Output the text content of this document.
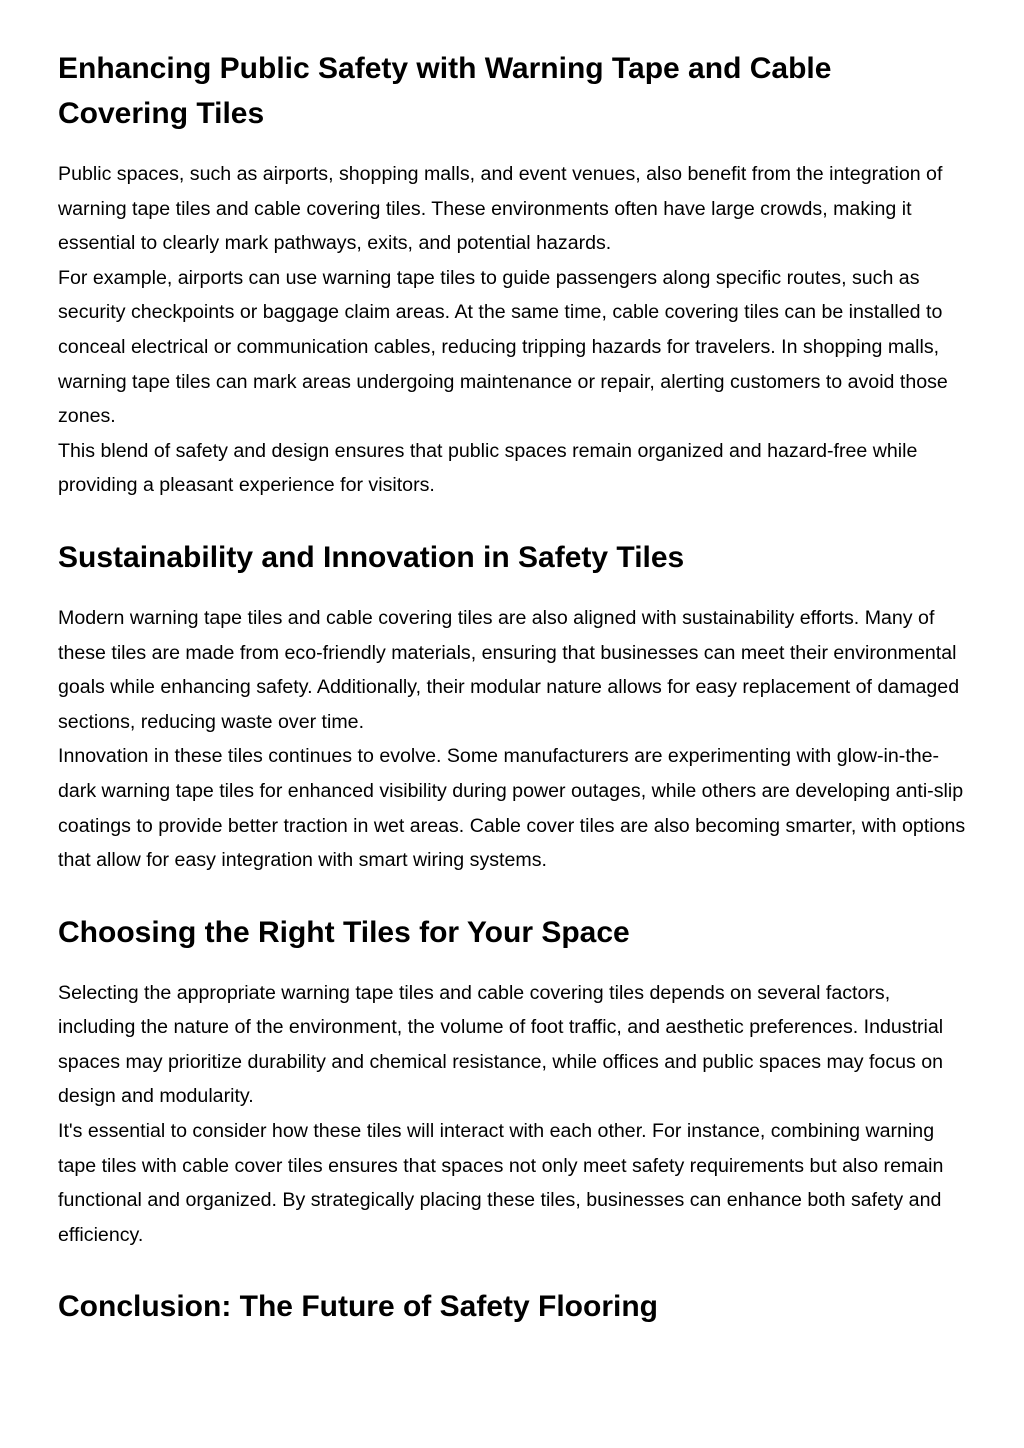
Enhancing Public Safety with Warning Tape and Cable Covering Tiles

Public spaces, such as airports, shopping malls, and event venues, also benefit from the integration of warning tape tiles and cable covering tiles. These environments often have large crowds, making it essential to clearly mark pathways, exits, and potential hazards.

For example, airports can use warning tape tiles to guide passengers along specific routes, such as security checkpoints or baggage claim areas. At the same time, cable covering tiles can be installed to conceal electrical or communication cables, reducing tripping hazards for travelers. In shopping malls, warning tape tiles can mark areas undergoing maintenance or repair, alerting customers to avoid those zones.

This blend of safety and design ensures that public spaces remain organized and hazard-free while providing a pleasant experience for visitors.

Sustainability and Innovation in Safety Tiles

Modern warning tape tiles and cable covering tiles are also aligned with sustainability efforts. Many of these tiles are made from eco-friendly materials, ensuring that businesses can meet their environmental goals while enhancing safety. Additionally, their modular nature allows for easy replacement of damaged sections, reducing waste over time.

Innovation in these tiles continues to evolve. Some manufacturers are experimenting with glow-in-the-dark warning tape tiles for enhanced visibility during power outages, while others are developing anti-slip coatings to provide better traction in wet areas. Cable cover tiles are also becoming smarter, with options that allow for easy integration with smart wiring systems.

Choosing the Right Tiles for Your Space

Selecting the appropriate warning tape tiles and cable covering tiles depends on several factors, including the nature of the environment, the volume of foot traffic, and aesthetic preferences. Industrial spaces may prioritize durability and chemical resistance, while offices and public spaces may focus on design and modularity.

It's essential to consider how these tiles will interact with each other. For instance, combining warning tape tiles with cable cover tiles ensures that spaces not only meet safety requirements but also remain functional and organized. By strategically placing these tiles, businesses can enhance both safety and efficiency.

Conclusion: The Future of Safety Flooring
